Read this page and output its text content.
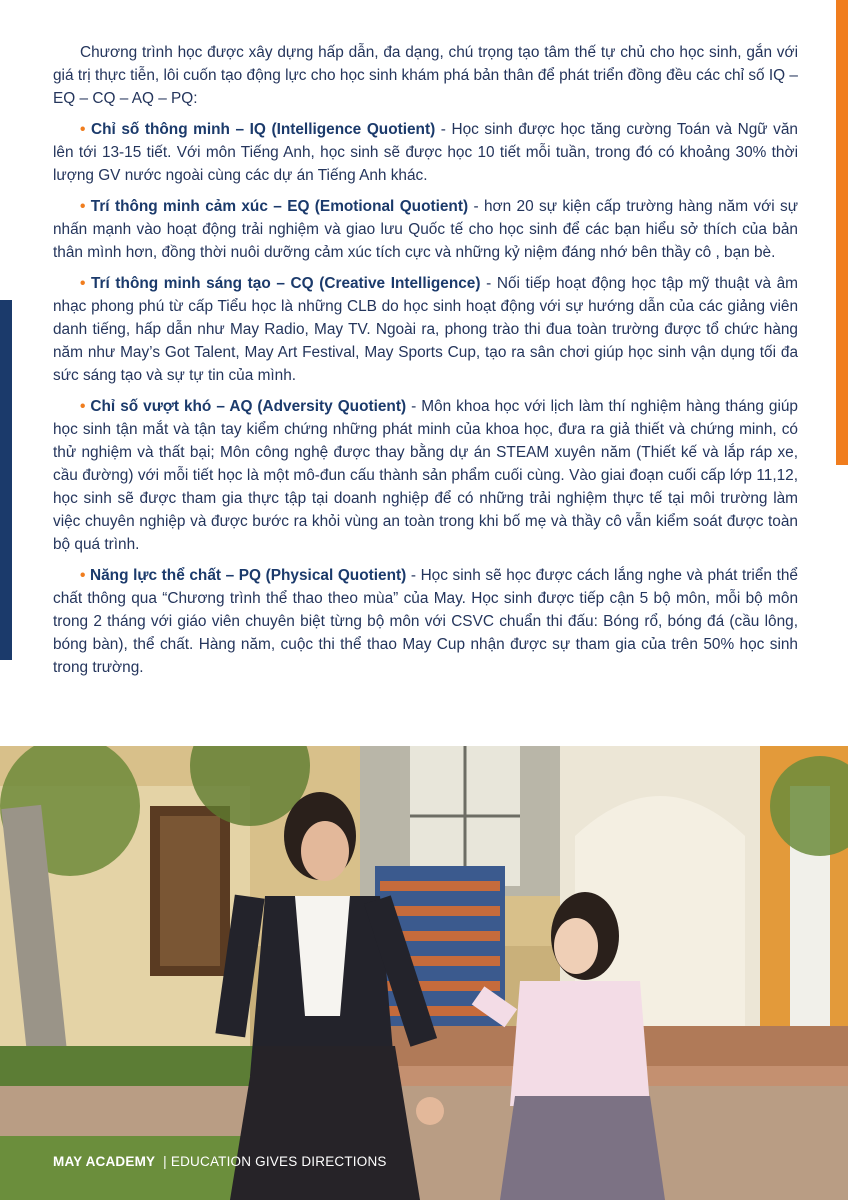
Chương trình học được xây dựng hấp dẫn, đa dạng, chú trọng tạo tâm thế tự chủ cho học sinh, gắn với giá trị thực tiễn, lôi cuốn tạo động lực cho học sinh khám phá bản thân để phát triển đồng đều các chỉ số IQ – EQ – CQ – AQ – PQ:

• Chỉ số thông minh – IQ (Intelligence Quotient) - Học sinh được học tăng cường Toán và Ngữ văn lên tới 13-15 tiết. Với môn Tiếng Anh, học sinh sẽ được học 10 tiết mỗi tuần, trong đó có khoảng 30% thời lượng GV nước ngoài cùng các dự án Tiếng Anh khác.

• Trí thông minh cảm xúc – EQ (Emotional Quotient) - hơn 20 sự kiện cấp trường hàng năm với sự nhấn mạnh vào hoạt động trải nghiệm và giao lưu Quốc tế cho học sinh để các bạn hiểu sở thích của bản thân mình hơn, đồng thời nuôi dưỡng cảm xúc tích cực và những kỷ niệm đáng nhớ bên thầy cô , bạn bè.

• Trí thông minh sáng tạo – CQ (Creative Intelligence) - Nối tiếp hoạt động học tập mỹ thuật và âm nhạc phong phú từ cấp Tiểu học là những CLB do học sinh hoạt động với sự hướng dẫn của các giảng viên danh tiếng, hấp dẫn như May Radio, May TV. Ngoài ra, phong trào thi đua toàn trường được tổ chức hàng năm như May’s Got Talent, May Art Festival, May Sports Cup, tạo ra sân chơi giúp học sinh vận dụng tối đa sức sáng tạo và sự tự tin của mình.

• Chỉ số vượt khó – AQ (Adversity Quotient) - Môn khoa học với lịch làm thí nghiệm hàng tháng giúp học sinh tận mắt và tận tay kiểm chứng những phát minh của khoa học, đưa ra giả thiết và chứng minh, có thử nghiệm và thất bại; Môn công nghệ được thay bằng dự án STEAM xuyên năm (Thiết kế và lắp ráp xe, cầu đường) với mỗi tiết học là một mô-đun cấu thành sản phẩm cuối cùng. Vào giai đoạn cuối cấp lớp 11,12, học sinh sẽ được tham gia thực tập tại doanh nghiệp để có những trải nghiệm thực tế tại môi trường làm việc chuyên nghiệp và được bước ra khỏi vùng an toàn trong khi bố mẹ và thầy cô vẫn kiểm soát được toàn bộ quá trình.

• Năng lực thể chất – PQ (Physical Quotient) - Học sinh sẽ học được cách lắng nghe và phát triển thể chất thông qua “Chương trình thể thao theo mùa” của May. Học sinh được tiếp cận 5 bộ môn, mỗi bộ môn trong 2 tháng với giáo viên chuyên biệt từng bộ môn với CSVC chuẩn thi đấu: Bóng rổ, bóng đá (cầu lông, bóng bàn), thể chất. Hàng năm, cuộc thi thể thao May Cup nhận được sự tham gia của trên 50% học sinh trong trường.

MAY ACADEMY | EDUCATION GIVES DIRECTIONS
